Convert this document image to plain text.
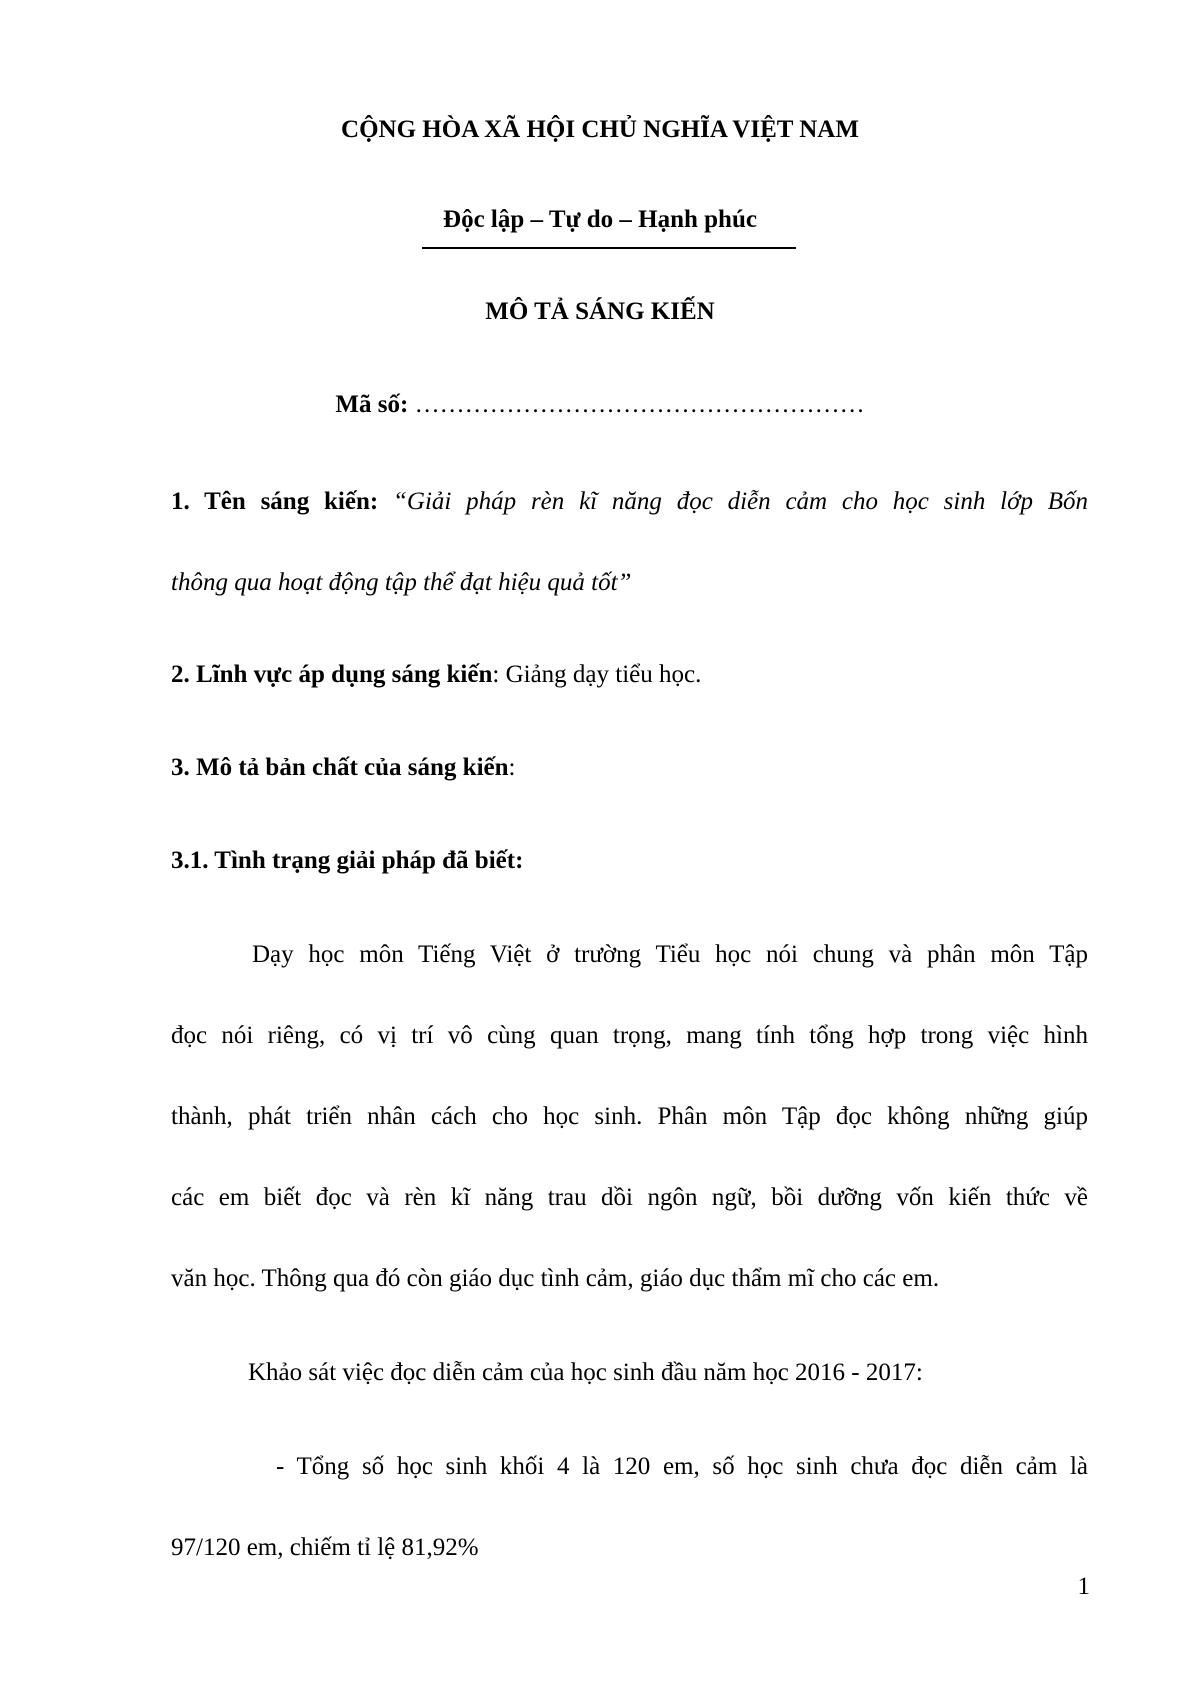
CỘNG HÒA XÃ HỘI CHỦ NGHĨA VIỆT NAM
Độc lập – Tự do – Hạnh phúc
MÔ TẢ SÁNG KIẾN
Mã số: ………………………………………………
1. Tên sáng kiến: “Giải pháp rèn kĩ năng đọc diễn cảm cho học sinh lớp Bốn
thông qua hoạt động tập thể đạt hiệu quả tốt”
2. Lĩnh vực áp dụng sáng kiến: Giảng dạy tiểu học.
3. Mô tả bản chất của sáng kiến:
3.1. Tình trạng giải pháp đã biết:
Dạy học môn Tiếng Việt ở trường Tiểu học nói chung và phân môn Tập
đọc nói riêng, có vị trí vô cùng quan trọng, mang tính tổng hợp trong việc hình
thành, phát triển nhân cách cho học sinh. Phân môn Tập đọc không những giúp
các em biết đọc và rèn kĩ năng trau dồi ngôn ngữ, bồi dưỡng vốn kiến thức về
văn học. Thông qua đó còn giáo dục tình cảm, giáo dục thẩm mĩ cho các em.
Khảo sát việc đọc diễn cảm của học sinh đầu năm học 2016 - 2017:
- Tổng số học sinh khối 4 là 120 em, số học sinh chưa đọc diễn cảm là
97/120 em, chiếm tỉ lệ 81,92%
1
